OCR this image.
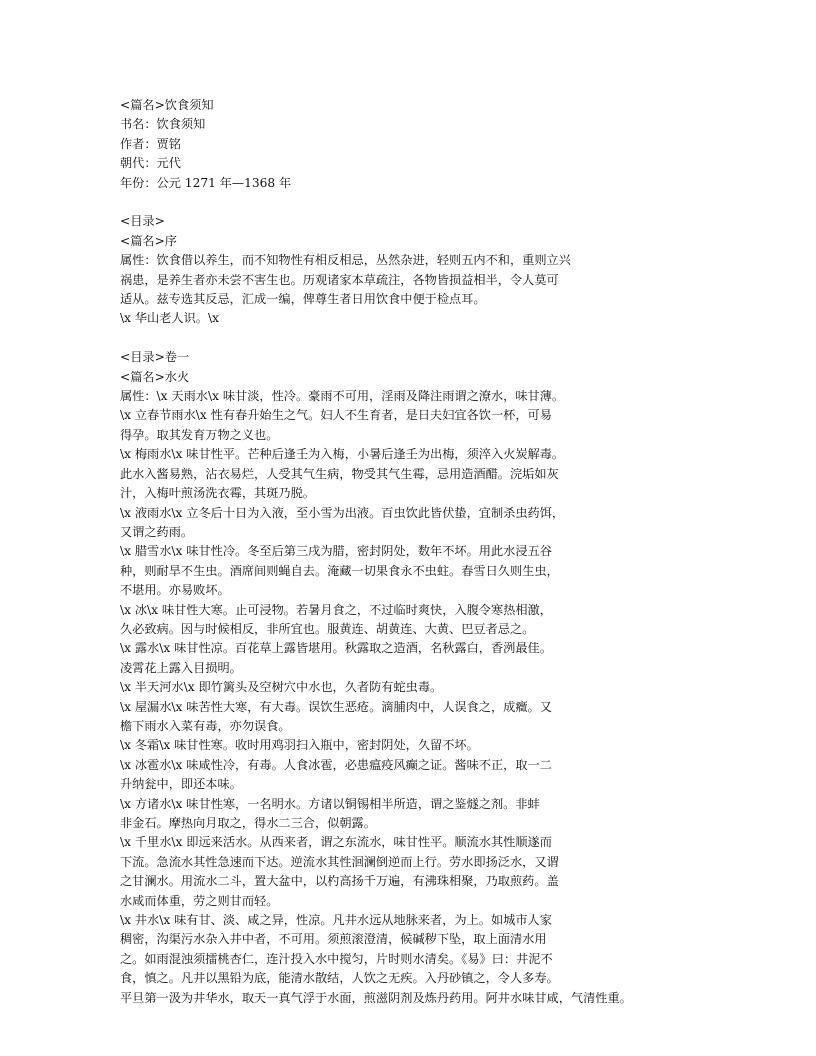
<篇名>饮食须知
书名：饮食须知
作者：贾铭
朝代：元代
年份：公元 1271 年—1368 年
<目录>
<篇名>序
属性：饮食借以养生，而不知物性有相反相忌，丛然杂进，轻则五内不和，重则立兴
祸患，是养生者亦未尝不害生也。历观诸家本草疏注，各物皆损益相半，令人莫可
适从。兹专选其反忌，汇成一编，俾尊生者日用饮食中便于检点耳。
\x 华山老人识。\x
<目录>卷一
<篇名>水火
属性：\x 天雨水\x 味甘淡，性冷。豪雨不可用，淫雨及降注雨谓之潦水，味甘薄。
\x 立春节雨水\x 性有春升始生之气。妇人不生育者，是日夫妇宜各饮一杯，可易
得孕。取其发育万物之义也。
\x 梅雨水\x 味甘性平。芒种后逢壬为入梅，小暑后逢壬为出梅，须淬入火炭解毒。
此水入酱易熟，沾衣易烂，人受其气生病，物受其气生霉，忌用造酒醋。浣垢如灰
汁，入梅叶煎汤洗衣霉，其斑乃脱。
\x 液雨水\x 立冬后十日为入液，至小雪为出液。百虫饮此皆伏蛰，宜制杀虫药饵，
又谓之药雨。
\x 腊雪水\x 味甘性冷。冬至后第三戌为腊，密封阴处，数年不坏。用此水浸五谷
种，则耐旱不生虫。酒席间则蝇自去。淹藏一切果食永不虫蛀。春雪日久则生虫，
不堪用。亦易败坏。
\x 冰\x 味甘性大寒。止可浸物。若暑月食之，不过临时爽快，入腹令寒热相激，
久必致病。因与时候相反，非所宜也。服黄连、胡黄连、大黄、巴豆者忌之。
\x 露水\x 味甘性凉。百花草上露皆堪用。秋露取之造酒，名秋露白，香洌最佳。
凌霄花上露入目损明。
\x 半天河水\x 即竹篱头及空树穴中水也，久者防有蛇虫毒。
\x 屋漏水\x 味苦性大寒，有大毒。误饮生恶疮。滴脯肉中，人误食之，成癥。又
檐下雨水入菜有毒，亦勿误食。
\x 冬霜\x 味甘性寒。收时用鸡羽扫入瓶中，密封阴处，久留不坏。
\x 冰雹水\x 味咸性冷，有毒。人食冰雹，必患瘟疫风癫之证。酱味不正，取一二
升纳瓮中，即还本味。
\x 方诸水\x 味甘性寒，一名明水。方诸以铜锡相半所造，谓之鉴燧之剂。非蚌
非金石。摩热向月取之，得水二三合，似朝露。
\x 千里水\x 即远来活水。从西来者，谓之东流水，味甘性平。顺流水其性顺遂而
下流。急流水其性急速而下达。逆流水其性洄澜倒逆而上行。劳水即扬泛水，又谓
之甘澜水。用流水二斗，置大盆中，以杓高扬千万遍，有沸珠相聚，乃取煎药。盖
水咸而体重，劳之则甘而轻。
\x 井水\x 味有甘、淡、咸之异，性凉。凡井水远从地脉来者，为上。如城市人家
稠密，沟渠污水杂入井中者，不可用。须煎滚澄清，候碱秽下坠，取上面清水用
之。如雨混浊须擂桃杏仁，连汁投入水中搅匀，片时则水清矣。《易》曰：井泥不
食，慎之。凡井以黑铅为底，能清水散结，人饮之无疾。入丹砂镇之，令人多寿。
平旦第一汲为井华水，取天一真气浮于水面，煎滋阴剂及炼丹药用。阿井水味甘咸，气清性重。
